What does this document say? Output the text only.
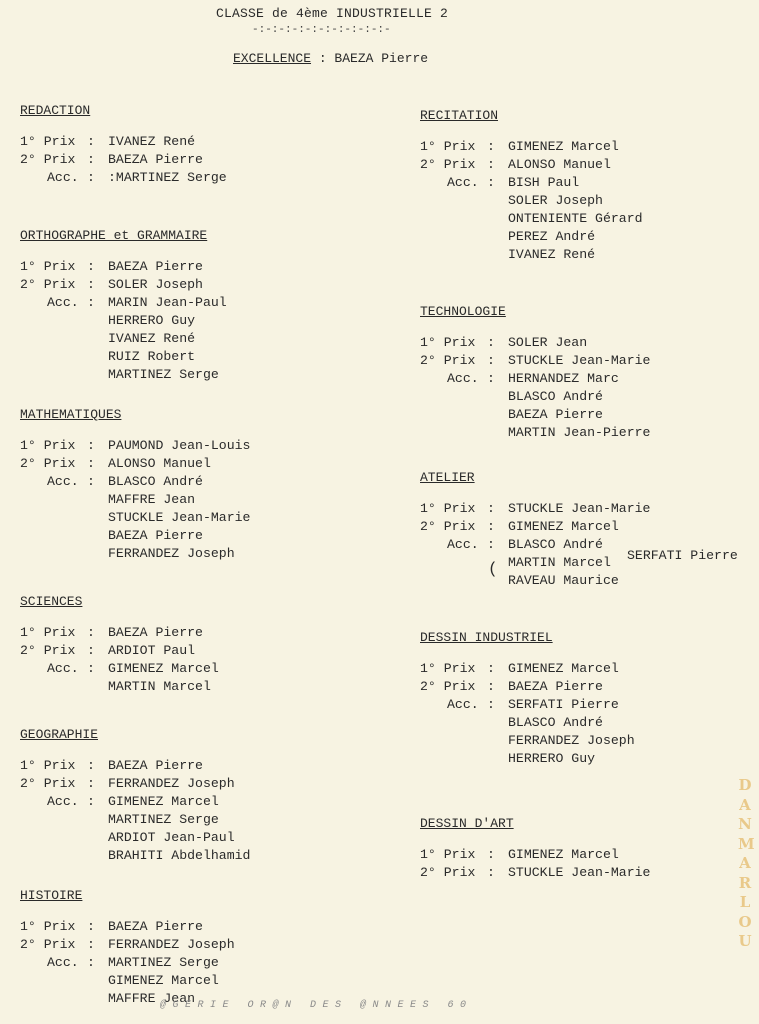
CLASSE de 4ème INDUSTRIELLE 2
-:-:-:-:-:-:-:-:-:-:-
EXCELLENCE : BAEZA Pierre
REDACTION
1° Prix : IVANEZ René
2° Prix : BAEZA Pierre
Acc. : :MARTINEZ Serge
ORTHOGRAPHE et GRAMMAIRE
1° Prix : BAEZA Pierre
2° Prix : SOLER Joseph
Acc. : MARIN Jean-Paul
HERRERO Guy
IVANEZ René
RUIZ Robert
MARTINEZ Serge
MATHEMATIQUES
1° Prix : PAUMOND Jean-Louis
2° Prix : ALONSO Manuel
Acc. : BLASCO André
MAFFRE Jean
STUCKLE Jean-Marie
BAEZA Pierre
FERRANDEZ Joseph
SCIENCES
1° Prix : BAEZA Pierre
2° Prix : ARDIOT Paul
Acc. : GIMENEZ Marcel
MARTIN Marcel
GEOGRAPHIE
1° Prix : BAEZA Pierre
2° Prix : FERRANDEZ Joseph
Acc. : GIMENEZ Marcel
MARTINEZ Serge
ARDIOT Jean-Paul
BRAHITI Abdelhamid
HISTOIRE
1° Prix : BAEZA Pierre
2° Prix : FERRANDEZ Joseph
Acc. : MARTINEZ Serge
GIMENEZ Marcel
MAFFRE Jean
RECITATION
1° Prix : GIMENEZ Marcel
2° Prix : ALONSO Manuel
Acc. : BISH Paul
SOLER Joseph
ONTENIENTE Gérard
PEREZ André
IVANEZ René
TECHNOLOGIE
1° Prix : SOLER Jean
2° Prix : STUCKLE Jean-Marie
Acc. : HERNANDEZ Marc
BLASCO André
BAEZA Pierre
MARTIN Jean-Pierre
ATELIER
1° Prix : STUCKLE Jean-Marie
2° Prix : GIMENEZ Marcel
Acc. : BLASCO André
MARTIN Marcel
RAVEAU Maurice
(
SERFATI Pierre
DESSIN INDUSTRIEL
1° Prix : GIMENEZ Marcel
2° Prix : BAEZA Pierre
Acc. : SERFATI Pierre
BLASCO André
FERRANDEZ Joseph
HERRERO Guy
DESSIN D'ART
1° Prix : GIMENEZ Marcel
2° Prix : STUCKLE Jean-Marie
DANMARLOU
@GERIE OR@N DES @NNEES 60
